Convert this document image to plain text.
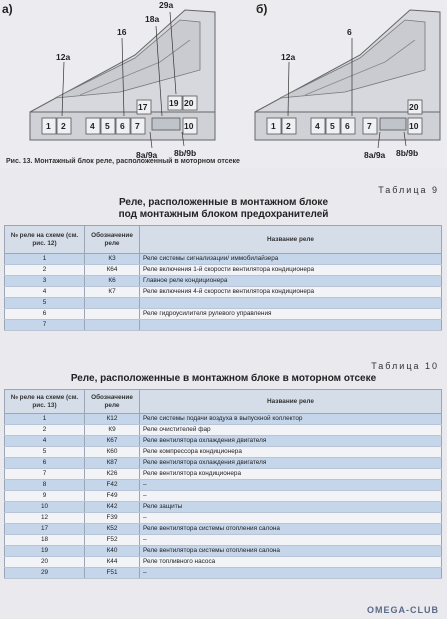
а)	б)
29a
18a
16
12a
8a/9a 8b/9b
6
12a
8a/9a 8b/9b
1 2	4 5 6 7
17	19 20
10	1 2	4 5 6 7
20
10
Рис. 13. Монтажный блок реле, расположенный в моторном отсеке
Таблица 9
Реле, расположенные в монтажном блоке
под монтажным блоком предохранителей
№ реле на схеме (см. рис. 12)	Обозначение реле	Название реле
1	К3	Реле системы сигнализации/ иммобилайзера
2	К64	Реле включения 1-й скорости вентилятора кондиционера
3	К6	Главное реле кондиционера
4	К7	Реле включения 4-й скорости вентилятора кондиционера
5		
6		Реле гидроусилителя рулевого управления
7		
Таблица 10
Реле, расположенные в монтажном блоке в моторном отсеке
№ реле на схеме (см. рис. 13)	Обозначение реле	Название реле
1	К12	Реле системы подачи воздуха в выпускной коллектор
2	К9	Реле очистителей фар
4	К67	Реле вентилятора охлаждения двигателя
5	К60	Реле компрессора кондиционера
6	К87	Реле вентилятора охлаждения двигателя
7	К26	Реле вентилятора кондиционера
8	F42	–
9	F49	–
10	К42	Реле защиты
12	F39	–
17	К52	Реле вентилятора системы отопления салона
18	F52	–
19	К40	Реле вентилятора системы отопления салона
20	К44	Реле топливного насоса
29	F51	–
OMEGA-CLUB
